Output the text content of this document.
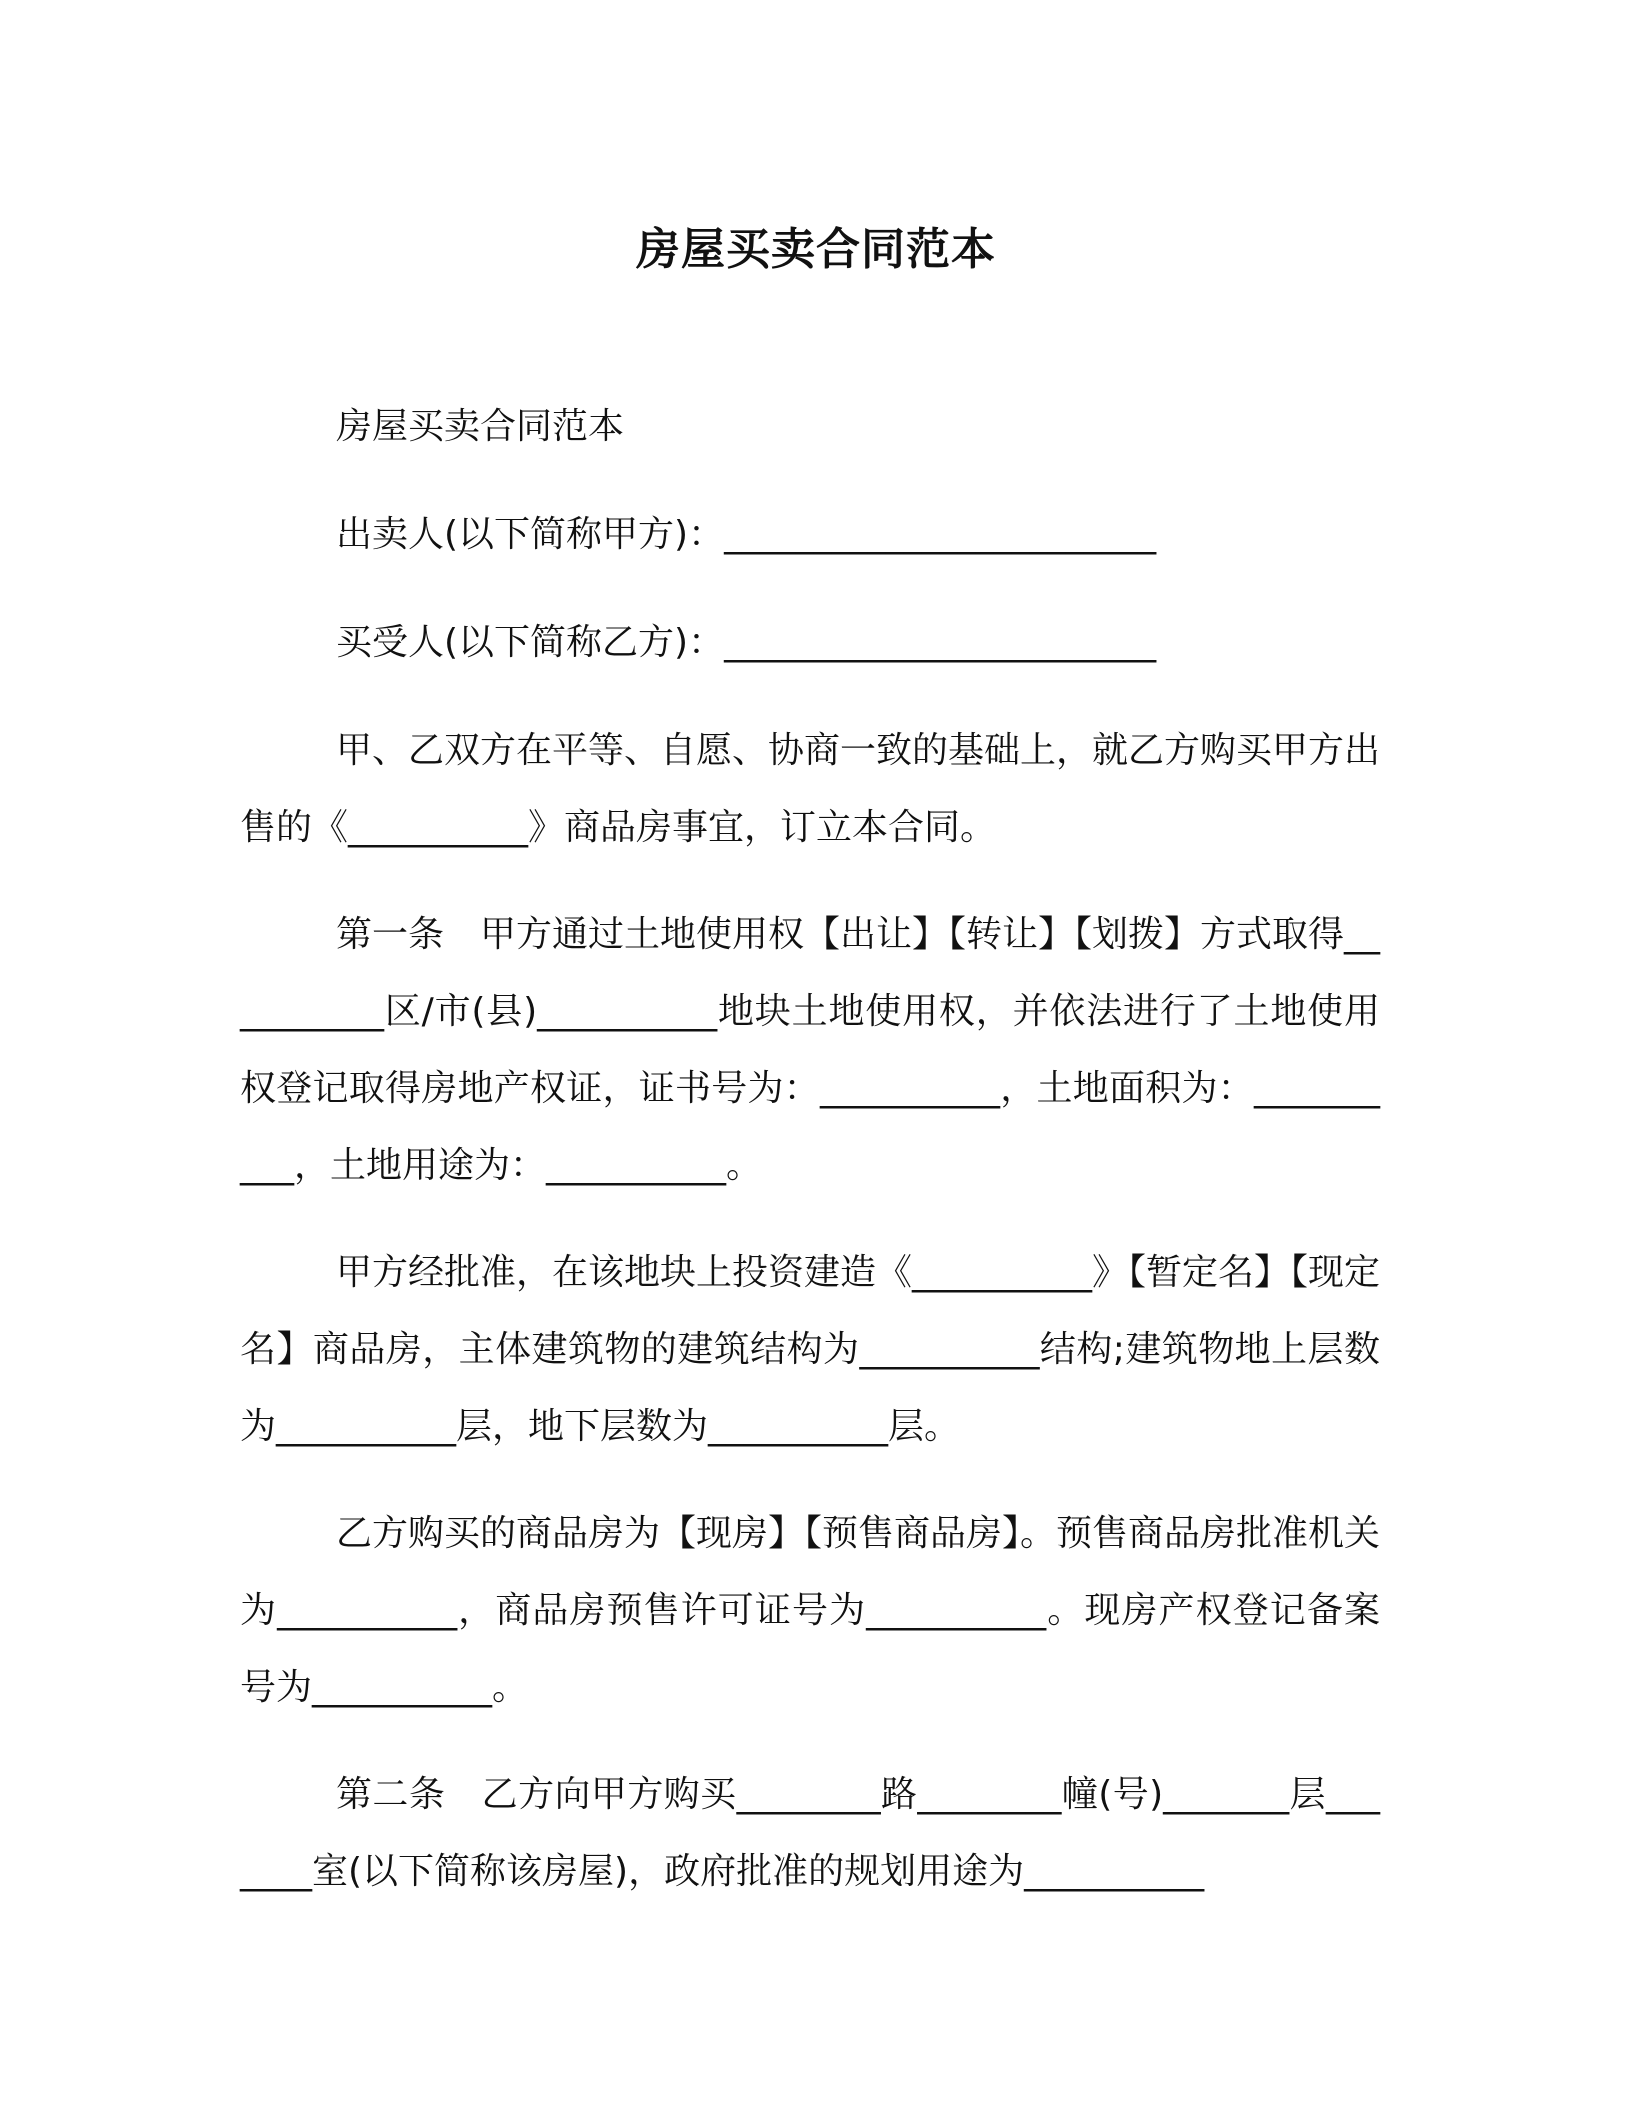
房屋买卖合同范本

房屋买卖合同范本

出卖人(以下简称甲方)：________________________

买受人(以下简称乙方)：________________________

甲、乙双方在平等、自愿、协商一致的基础上，就乙方购买甲方出售的《__________》商品房事宜，订立本合同。

第一条　甲方通过土地使用权【出让】【转让】【划拨】方式取得__________区/市(县)__________地块土地使用权，并依法进行了土地使用权登记取得房地产权证，证书号为：__________，土地面积为：__________，土地用途为：__________。

甲方经批准，在该地块上投资建造《__________》【暂定名】【现定名】商品房，主体建筑物的建筑结构为__________结构;建筑物地上层数为__________层，地下层数为__________层。

乙方购买的商品房为【现房】【预售商品房】。预售商品房批准机关为__________，商品房预售许可证号为__________。现房产权登记备案号为__________。

第二条　乙方向甲方购买________路________幢(号)_______层_______室(以下简称该房屋)，政府批准的规划用途为__________
